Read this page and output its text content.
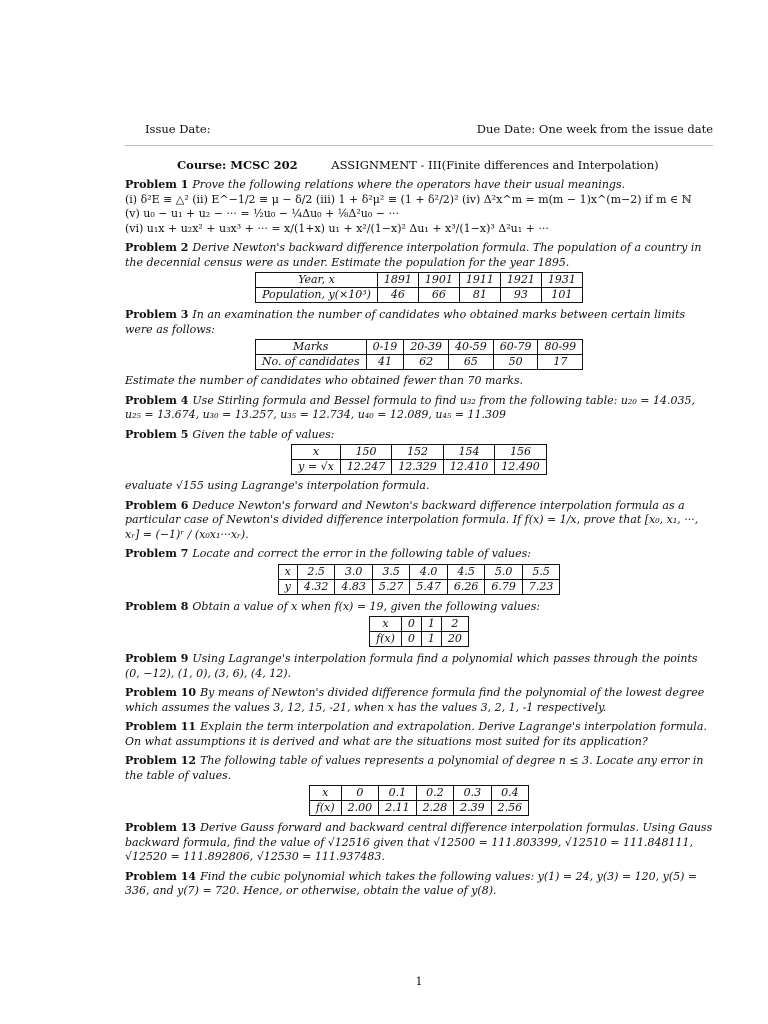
Issue Date:	Due Date: One week from the issue date
Course: MCSC 202	ASSIGNMENT - III(Finite differences and Interpolation)
Problem 1 Prove the following relations where the operators have their usual meanings.

(i) δ²E ≡ △² (ii) E^−1/2 ≡ μ − δ/2 (iii) 1 + δ²μ² ≡ (1 + δ²/2)² (iv) Δ²x^m = m(m − 1)x^(m−2) if m ∈ ℕ

(v) u₀ − u₁ + u₂ − ··· = ½u₀ − ¼Δu₀ + ⅛Δ²u₀ − ···

(vi) u₁x + u₂x² + u₃x³ + ··· = x/(1+x) u₁ + x²/(1−x)² Δu₁ + x³/(1−x)³ Δ²u₁ + ···

Problem 2 Derive Newton's backward difference interpolation formula. The population of a country in the decennial census were as under. Estimate the population for the year 1895.
Year, x	1891	1901	1911	1921	1931
Population, y(×10³)	46	66	81	93	101
Problem 3 In an examination the number of candidates who obtained marks between certain limits were as follows:
Marks	0-19	20-39	40-59	60-79	80-99
No. of candidates	41	62	65	50	17

Estimate the number of candidates who obtained fewer than 70 marks.

Problem 4 Use Stirling formula and Bessel formula to find u₃₂ from the following table: u₂₀ = 14.035, u₂₅ = 13.674, u₃₀ = 13.257, u₃₅ = 12.734, u₄₀ = 12.089, u₄₅ = 11.309
Problem 5 Given the table of values:
x	150	152	154	156
y = √x	12.247	12.329	12.410	12.490

evaluate √155 using Lagrange's interpolation formula.

Problem 6 Deduce Newton's forward and Newton's backward difference interpolation formula as a particular case of Newton's divided difference interpolation formula. If f(x) = 1/x, prove that [x₀, x₁, ···, xᵣ] = (−1)ʳ / (x₀x₁···xᵣ).
Problem 7 Locate and correct the error in the following table of values:
x	2.5	3.0	3.5	4.0	4.5	5.0	5.5
y	4.32	4.83	5.27	5.47	6.26	6.79	7.23
Problem 8 Obtain a value of x when f(x) = 19, given the following values:
x	0	1	2
f(x)	0	1	20
Problem 9 Using Lagrange's interpolation formula find a polynomial which passes through the points (0, −12), (1, 0), (3, 6), (4, 12).
Problem 10 By means of Newton's divided difference formula find the polynomial of the lowest degree which assumes the values 3, 12, 15, -21, when x has the values 3, 2, 1, -1 respectively.
Problem 11 Explain the term interpolation and extrapolation. Derive Lagrange's interpolation formula. On what assumptions it is derived and what are the situations most suited for its application?
Problem 12 The following table of values represents a polynomial of degree n ≤ 3. Locate any error in the table of values.
x	0	0.1	0.2	0.3	0.4
f(x)	2.00	2.11	2.28	2.39	2.56
Problem 13 Derive Gauss forward and backward central difference interpolation formulas. Using Gauss backward formula, find the value of √12516 given that √12500 = 111.803399, √12510 = 111.848111, √12520 = 111.892806, √12530 = 111.937483.
Problem 14 Find the cubic polynomial which takes the following values: y(1) = 24, y(3) = 120, y(5) = 336, and y(7) = 720. Hence, or otherwise, obtain the value of y(8).
1
